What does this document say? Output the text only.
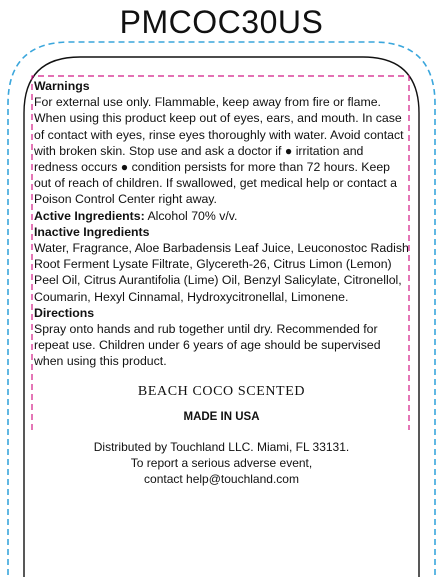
PMCOC30US
Warnings

For external use only. Flammable, keep away from fire or flame. When using this product keep out of eyes, ears, and mouth. In case of contact with eyes, rinse eyes thoroughly with water. Avoid contact with broken skin. Stop use and ask a doctor if ● irritation and redness occurs ● condition persists for more than 72 hours. Keep out of reach of children. If swallowed, get medical help or contact a Poison Control Center right away.

Active Ingredients: Alcohol 70% v/v.
Inactive Ingredients

Water, Fragrance, Aloe Barbadensis Leaf Juice, Leuconostoc Radish Root Ferment Lysate Filtrate, Glycereth-26, Citrus Limon (Lemon) Peel Oil, Citrus Aurantifolia (Lime) Oil, Benzyl Salicylate, Citronellol, Coumarin, Hexyl Cinnamal, Hydroxycitronellal, Limonene.

Directions

Spray onto hands and rub together until dry. Recommended for repeat use. Children under 6 years of age should be supervised when using this product.

BEACH COCO SCENTED
MADE IN USA
Distributed by Touchland LLC. Miami, FL 33131.
To report a serious adverse event,
contact help@touchland.com
